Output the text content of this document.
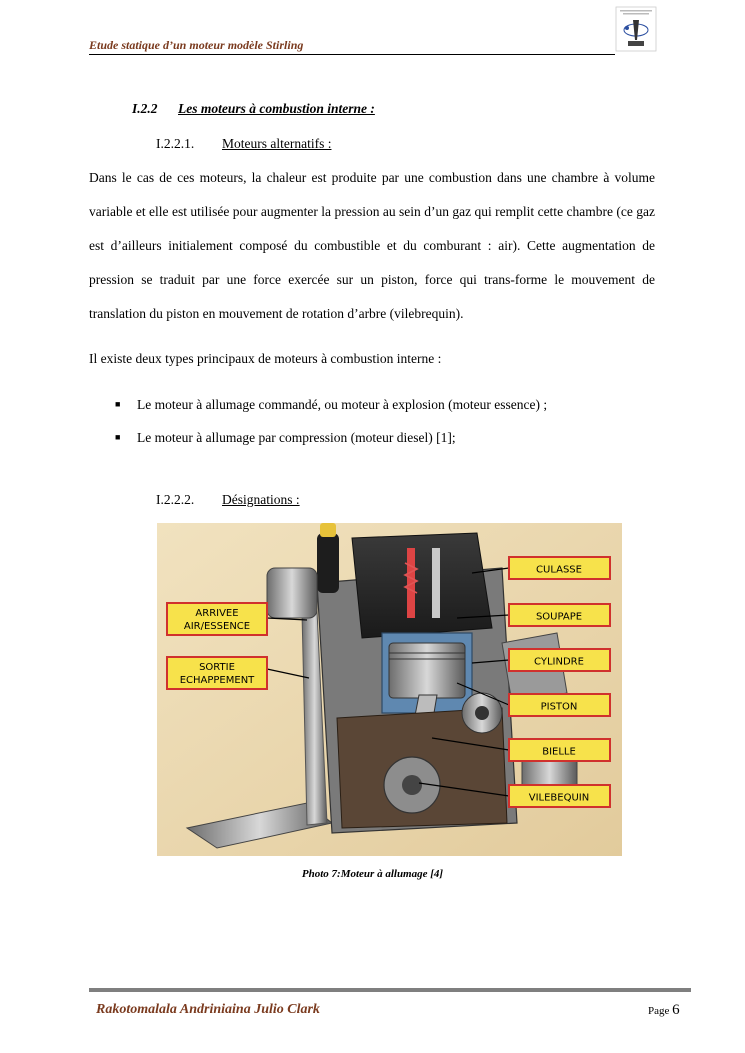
Etude statique d’un moteur modèle Stirling
I.2.2 Les moteurs à combustion interne :
I.2.2.1. Moteurs alternatifs :

Dans le cas de ces moteurs, la chaleur est produite par une combustion dans une chambre à volume variable et elle est utilisée pour augmenter la pression au sein d’un gaz qui remplit cette chambre (ce gaz est d’ailleurs initialement composé du combustible et du comburant : air). Cette augmentation de pression se traduit par une force exercée sur un piston, force qui trans-forme le mouvement de translation du piston en mouvement de rotation d’arbre (vilebrequin).

Il existe deux types principaux de moteurs à combustion interne :
■ Le moteur à allumage commandé, ou moteur à explosion (moteur essence) ;
■ Le moteur à allumage par compression (moteur diesel) [1];
I.2.2.2. Désignations :
CULASSE
SOUPAPE
CYLINDRE
PISTON
BIELLE
VILEBEQUIN
ARRIVEE
AIR/ESSENCE
SORTIE
ECHAPPEMENT
Photo 7:Moteur à allumage [4]
Rakotomalala Andriniaina Julio Clark	Page 6
